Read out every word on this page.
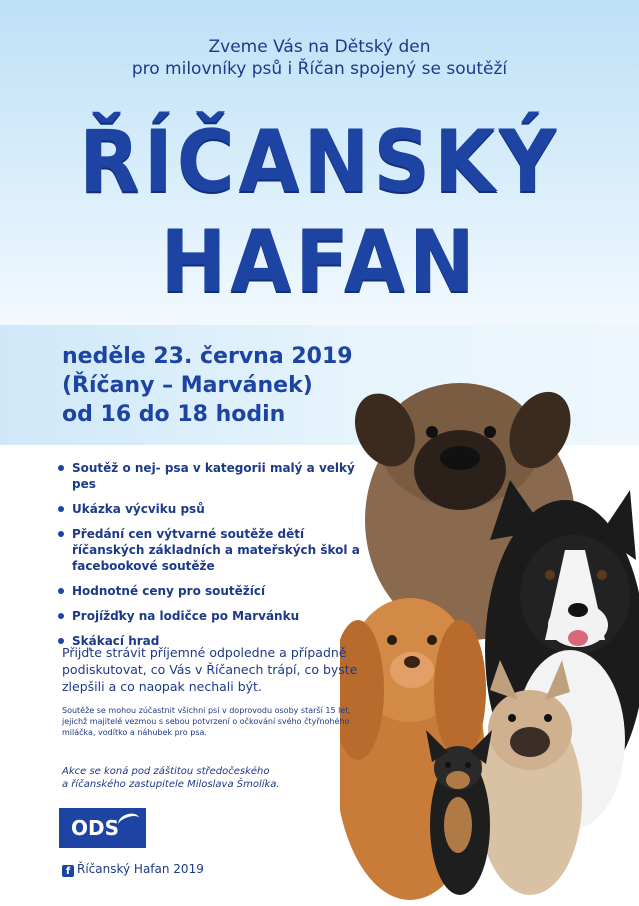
Zveme Vás na Dětský den
pro milovníky psů i Říčan spojený se soutěží
ŘÍČANSKÝ
HAFAN
neděle 23. června 2019
(Říčany – Marvánek)
od 16 do 18 hodin
Soutěž o nej- psa v kategorii malý a velký pes
Ukázka výcviku psů
Předání cen výtvarné soutěže dětí říčanských základních a mateřských škol a facebookové soutěže
Hodnotné ceny pro soutěžící
Projížďky na lodičce po Marvánku
Skákací hrad
Přijďte strávit příjemné odpoledne a případně podiskutovat, co Vás v Říčanech trápí, co byste zlepšili a co naopak nechali být.
Soutěže se mohou zúčastnit všichni psi v doprovodu osoby starší 15 let, jejichž majitelé vezmou s sebou potvrzení o očkování svého čtyřnohého miláčka, vodítko a náhubek pro psa.
Akce se koná pod záštitou středočeského
a říčanského zastupitele Miloslava Šmolíka.
ODS
f Říčanský Hafan 2019
